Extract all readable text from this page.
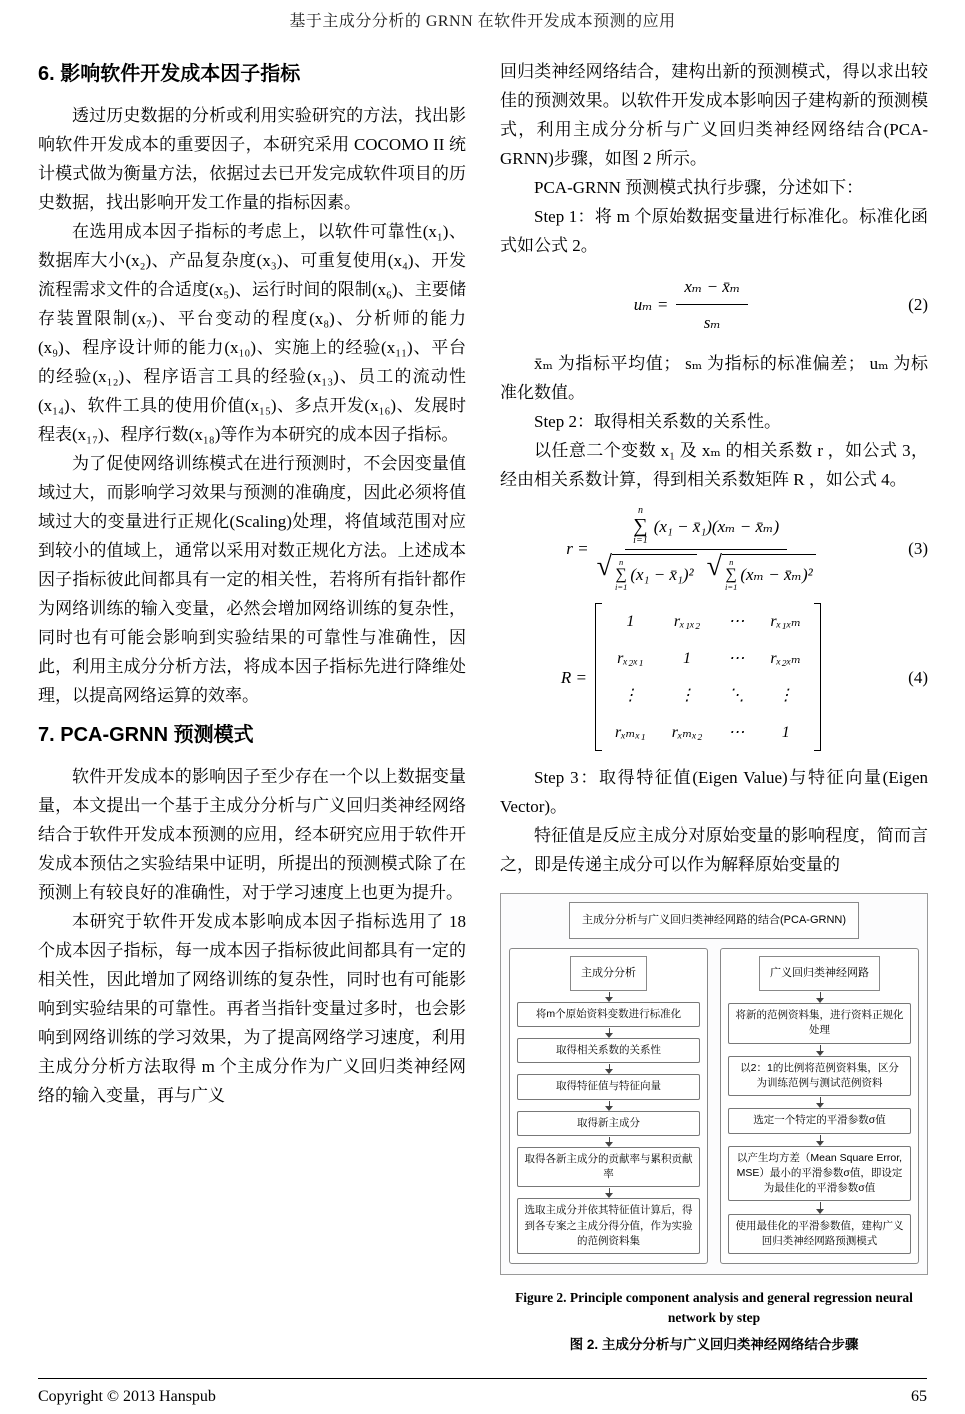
基于主成分分析的 GRNN 在软件开发成本预测的应用
6. 影响软件开发成本因子指标

透过历史数据的分析或利用实验研究的方法，找出影响软件开发成本的重要因子，本研究采用 COCOMO II 统计模式做为衡量方法，依据过去已开发完成软件项目的历史数据，找出影响开发工作量的指标因素。

在选用成本因子指标的考虑上，以软件可靠性(x₁)、数据库大小(x₂)、产品复杂度(x₃)、可重复使用(x₄)、开发流程需求文件的合适度(x₅)、运行时间的限制(x₆)、主要储存装置限制(x₇)、平台变动的程度(x₈)、分析师的能力(x₉)、程序设计师的能力(x₁₀)、实施上的经验(x₁₁)、平台的经验(x₁₂)、程序语言工具的经验(x₁₃)、员工的流动性(x₁₄)、软件工具的使用价值(x₁₅)、多点开发(x₁₆)、发展时程表(x₁₇)、程序行数(x₁₈)等作为本研究的成本因子指标。

为了促使网络训练模式在进行预测时，不会因变量值域过大，而影响学习效果与预测的准确度，因此必须将值域过大的变量进行正规化(Scaling)处理，将值域范围对应到较小的值域上，通常以采用对数正规化方法。上述成本因子指标彼此间都具有一定的相关性，若将所有指针都作为网络训练的输入变量，必然会增加网络训练的复杂性，同时也有可能会影响到实验结果的可靠性与准确性，因此，利用主成分分析方法，将成本因子指标先进行降维处理，以提高网络运算的效率。

7. PCA-GRNN 预测模式

软件开发成本的影响因子至少存在一个以上数据变量量，本文提出一个基于主成分分析与广义回归类神经网络结合于软件开发成本预测的应用，经本研究应用于软件开发成本预估之实验结果中证明，所提出的预测模式除了在预测上有较良好的准确性，对于学习速度上也更为提升。

本研究于软件开发成本影响成本因子指标选用了 18 个成本因子指标，每一成本因子指标彼此间都具有一定的相关性，因此增加了网络训练的复杂性，同时也有可能影响到实验结果的可靠性。再者当指针变量过多时，也会影响到网络训练的学习效果，为了提高网络学习速度，利用主成分分析方法取得 m 个主成分作为广义回归类神经网络的输入变量，再与广义

回归类神经网络结合，建构出新的预测模式，得以求出较佳的预测效果。以软件开发成本影响因子建构新的预测模式，利用主成分分析与广义回归类神经网络结合(PCA-GRNN)步骤，如图 2 所示。

PCA-GRNN 预测模式执行步骤，分述如下：

Step 1：将 m 个原始数据变量进行标准化。标准化函式如公式 2。

$u_m = \frac{\text{xₘ − x̄ₘ}}{\text{sₘ}}$	(2)

x̄ₘ 为指标平均值； sₘ 为指标的标准偏差； uₘ 为标准化数值。

Step 2：取得相关系数的关系性。

以任意二个变数 x₁ 及 xₘ 的相关系数 r ，如公式 3，经由相关系数计算，得到相关系数矩阵 R ，如公式 4。

r =
n
∑
i=1
(x₁ − x̄₁)(xₘ − x̄ₘ)
√ n
∑
i=1
(x₁ − x̄₁)² √ n
∑
i=1
(xₘ − x̄ₘ)²
(3)
R =
1	rₓ₁ₓ₂	⋯	rₓ₁ₓₘ
rₓ₂ₓ₁	1	⋯	rₓ₂ₓₘ
⋮	⋮	⋱	⋮
rₓₘₓ₁	rₓₘₓ₂	⋯	1
(4)

Step 3：取得特征值(Eigen Value)与特征向量(Eigen Vector)。

特征值是反应主成分对原始变量的影响程度，简而言之，即是传递主成分可以作为解释原始变量的

主成分分析与广义回归类神经网路的结合(PCA-GRNN)
主成分分析
将m个原始资料变数进行标准化
取得相关系数的关系性
取得特征值与特征向量
取得新主成分
取得各新主成分的贡献率与累积贡献率
选取主成分并依其特征值计算后，得到各专案之主成分得分值，作为实验的范例资料集
广义回归类神经网路
将新的范例资料集，进行资料正规化处理
以2：1的比例将范例资料集，区分为训练范例与测试范例资料
选定一个特定的平滑参数σ值
以产生均方差（Mean Square Error, MSE）最小的平滑参数σ值，即设定为最佳化的平滑参数σ值
使用最佳化的平滑参数值，建构广义回归类神经网路预测模式
Figure 2. Principle component analysis and general regression neural network by step
图 2. 主成分分析与广义回归类神经网络结合步骤
Copyright © 2013 Hanspub	65
